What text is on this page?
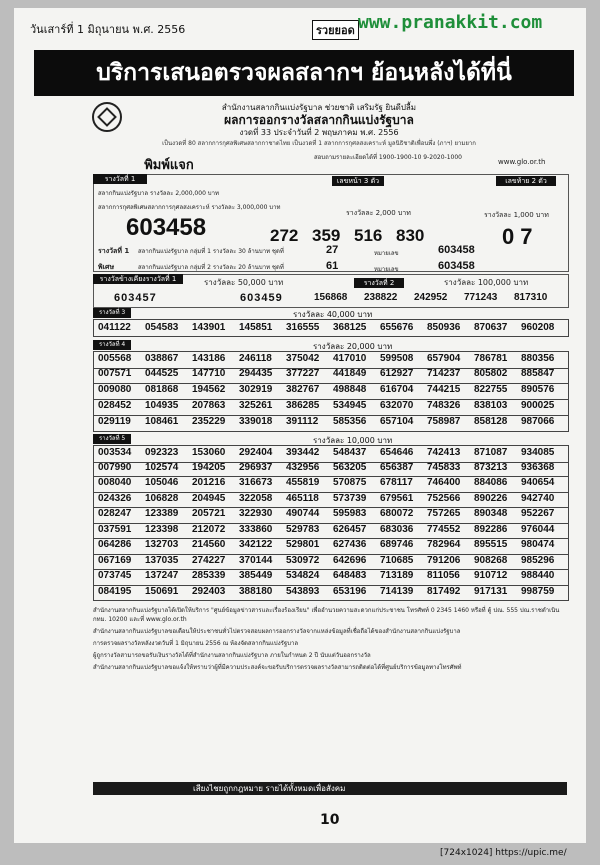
วันเสาร์ที่ 1 มิถุนายน พ.ศ. 2556	รวยยอด www.pranakkit.com
บริการเสนอตรวจผลสลากฯ ย้อนหลังได้ที่นี่
สำนักงานสลากกินแบ่งรัฐบาล ช่วยชาติ เสริมรัฐ ยินดีปลื้ม
ผลการออกรางวัลสลากกินแบ่งรัฐบาล
งวดที่ 33 ประจำวันที่ 2 พฤษภาคม พ.ศ. 2556
เป็นงวดที่ 80 สลากการกุศลพิเศษสลากกาชาดไทย เป็นงวดที่ 1 สลากการกุศลสงเคราะห์ มูลนิธิชาติเพื่อนพึ่ง (ภาฯ) ยามยาก
สอบถามรายละเอียดได้ที่ 1900-1900-10 9-2020-1000
www.glo.or.th
พิมพ์แจก
รางวัลที่ 1
สลากกินแบ่งรัฐบาล รางวัลละ 2,000,000 บาท
สลากการกุศลพิเศษสลากการกุศลสงเคราะห์ รางวัลละ 3,000,000 บาท
603458
เลขหน้า 3 ตัว
รางวัลละ 2,000 บาท
272 359 516 830
เลขท้าย 2 ตัว
รางวัลละ 1,000 บาท
07
รางวัลที่ 1
พิเศษ
สลากกินแบ่งรัฐบาล กลุ่มที่ 1 รางวัลละ 30 ล้านบาท ชุดที่
สลากกินแบ่งรัฐบาล กลุ่มที่ 2 รางวัลละ 20 ล้านบาท ชุดที่
27
61
หมายเลข
หมายเลข
603458
603458
รางวัลข้างเคียงรางวัลที่ 1	รางวัลละ 50,000 บาท
603457	603459
รางวัลที่ 2	รางวัลละ 100,000 บาท
156868 238822 242952 771243 817310
รางวัลที่ 3	รางวัลละ 40,000 บาท
041122 054583 143901 145851 316555 368125 655676 850936 870637 960208
รางวัลที่ 4	รางวัลละ 20,000 บาท
005568 038867 143186 246118 375042 417010 599508 657904 786781 880356
007571 044525 147710 294435 377227 441849 612927 714237 805802 885847
009080 081868 194562 302919 382767 498848 616704 744215 822755 890576
028452 104935 207863 325261 386285 534945 632070 748326 838103 900025
029119 108461 235229 339018 391112 585356 657104 758987 858128 987066
รางวัลที่ 5	รางวัลละ 10,000 บาท
003534 092323 153060 292404 393442 548437 654646 742413 871087 934085
007990 102574 194205 296937 432956 563205 656387 745833 873213 936368
008040 105046 201216 316673 455819 570875 678117 746400 884086 940654
024326 106828 204945 322058 465118 573739 679561 752566 890226 942740
028247 123389 205721 322930 490744 595983 680072 757265 890348 952267
037591 123398 212072 333860 529783 626457 683036 774552 892286 976044
064286 132703 214560 342122 529801 627436 689746 782964 895515 980474
067169 137035 274227 370144 530972 642696 710685 791206 908268 985296
073745 137247 285339 385449 534824 648483 713189 811056 910712 988440
084195 150691 292403 388180 543893 653196 714139 817492 917131 998759

สำนักงานสลากกินแบ่งรัฐบาลได้เปิดให้บริการ "ศูนย์ข้อมูลข่าวสารและเรื่องร้องเรียน" เพื่ออำนวยความสะดวกแก่ประชาชน โทรศัพท์ 0 2345 1460 หรือที่ ตู้ ปณ. 555 ปณ.ราชดำเนิน กทม. 10200 และที่ www.glo.or.th

สำนักงานสลากกินแบ่งรัฐบาลขอเตือนให้ประชาชนทั่วไปตรวจสอบผลการออกรางวัลจากแหล่งข้อมูลที่เชื่อถือได้ของสำนักงานสลากกินแบ่งรัฐบาล

การตรวจผลรางวัลหลังงวดวันที่ 1 มิถุนายน 2556 ณ ห้องจัดสลากกินแบ่งรัฐบาล

ผู้ถูกรางวัลสามารถขอรับเงินรางวัลได้ที่สำนักงานสลากกินแบ่งรัฐบาล ภายในกำหนด 2 ปี นับแต่วันออกรางวัล

สำนักงานสลากกินแบ่งรัฐบาลขอแจ้งให้ทราบว่าผู้ที่มีความประสงค์จะขอรับบริการตรวจผลรางวัลสามารถติดต่อได้ที่ศูนย์บริการข้อมูลทางโทรศัพท์

เสียงไชยถูกกฎหมาย รายได้ทั้งหมดเพื่อสังคม
10
[724x1024] https://upic.me/
